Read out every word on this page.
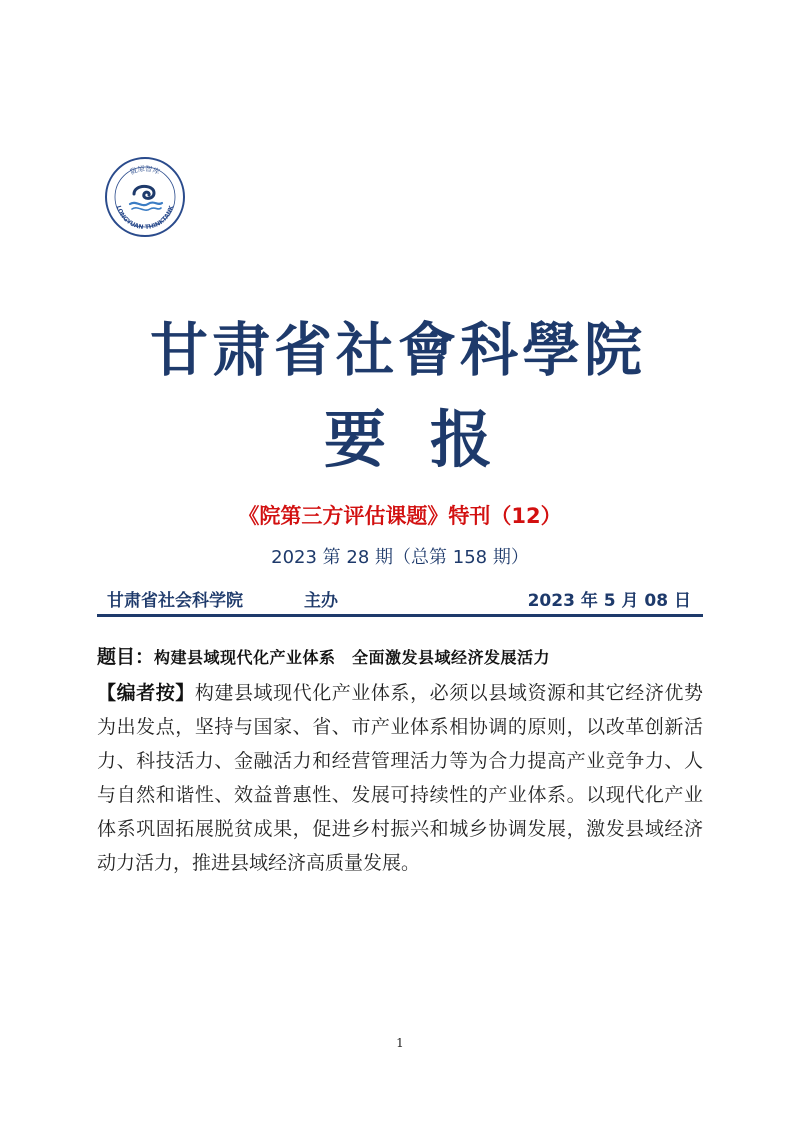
陇原智库
LONGYUAN THINKTANK
甘肃省社會科學院
要报
《院第三方评估课题》特刊（12）
2023 第 28 期（总第 158 期）
甘肃省社会科学院	主办	2023 年 5 月 08 日
题目：构建县域现代化产业体系　全面激发县域经济发展活力
【编者按】构建县域现代化产业体系，必须以县域资源和其它经济优势为出发点，坚持与国家、省、市产业体系相协调的原则，以改革创新活力、科技活力、金融活力和经营管理活力等为合力提高产业竞争力、人与自然和谐性、效益普惠性、发展可持续性的产业体系。以现代化产业体系巩固拓展脱贫成果，促进乡村振兴和城乡协调发展，激发县域经济动力活力，推进县域经济高质量发展。
1
